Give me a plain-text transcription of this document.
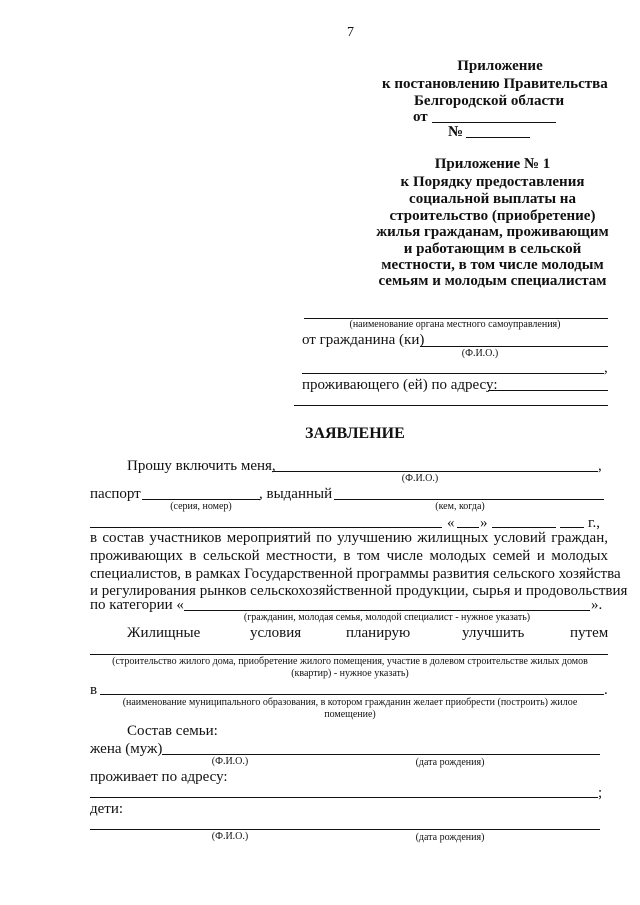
7
Приложение
к постановлению Правительства
Белгородской области
от
№
Приложение № 1
к Порядку предоставления
социальной выплаты на
строительство (приобретение)
жилья гражданам, проживающим
и работающим в сельской
местности, в том числе молодым
семьям и молодым специалистам
(наименование органа местного самоуправления)
от гражданина (ки)
(Ф.И.О.)
,
проживающего (ей) по адресу:
ЗАЯВЛЕНИЕ
Прошу включить меня,	,
(Ф.И.О.)
паспорт	, выданный
(серия, номер)	(кем, когда)
« »	г.,
в состав участников мероприятий по улучшению жилищных условий граждан,
проживающих в сельской местности, в том числе молодых семей и молодых
специалистов, в рамках Государственной программы развития сельского хозяйства
и регулирования рынков сельскохозяйственной продукции, сырья и продовольствия
по категории «	».
(гражданин, молодая семья, молодой специалист - нужное указать)
Жилищные	условия	планирую	улучшить	путем
(строительство жилого дома, приобретение жилого помещения, участие в долевом строительстве жилых домов
(квартир) - нужное указать)
в	.
(наименование муниципального образования, в котором гражданин желает приобрести (построить) жилое
помещение)
Состав семьи:
жена (муж)
(Ф.И.О.)	(дата рождения)
проживает по адресу:
;
дети:
(Ф.И.О.)	(дата рождения)
